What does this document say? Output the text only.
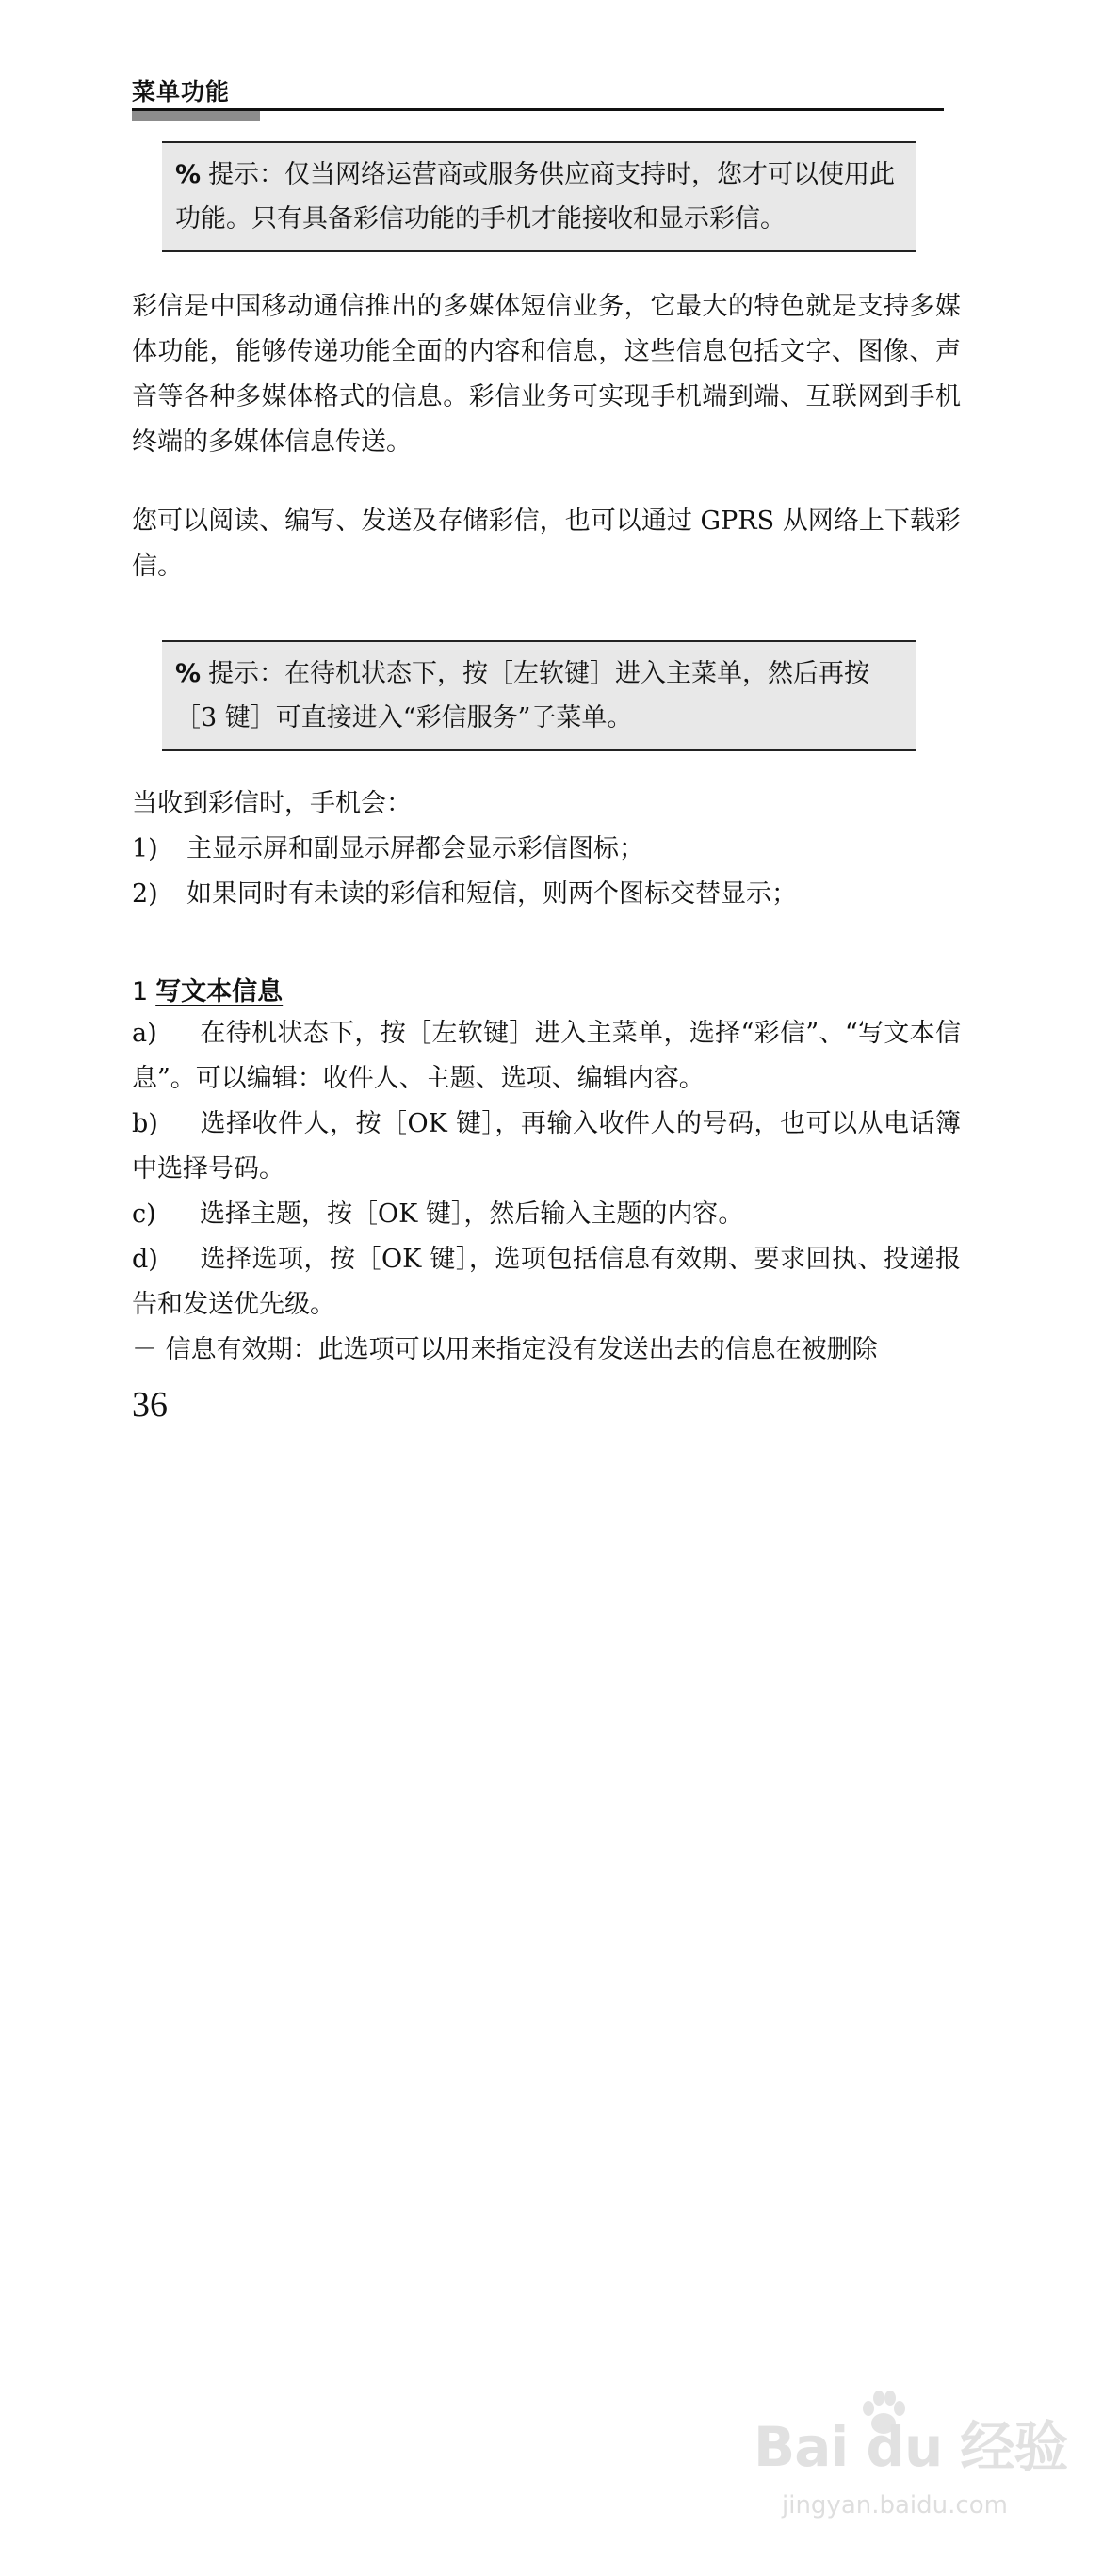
菜单功能
% 提示：仅当网络运营商或服务供应商支持时，您才可以使用此功能。只有具备彩信功能的手机才能接收和显示彩信。

彩信是中国移动通信推出的多媒体短信业务，它最大的特色就是支持多媒体功能，能够传递功能全面的内容和信息，这些信息包括文字、图像、声音等各种多媒体格式的信息。彩信业务可实现手机端到端、互联网到手机终端的多媒体信息传送。

您可以阅读、编写、发送及存储彩信，也可以通过 GPRS 从网络上下载彩信。

% 提示：在待机状态下，按［左软键］进入主菜单，然后再按［3 键］可直接进入“彩信服务”子菜单。
当收到彩信时，手机会：
1) 主显示屏和副显示屏都会显示彩信图标；
2) 如果同时有未读的彩信和短信，则两个图标交替显示；
1 写文本信息
a) 在待机状态下，按［左软键］进入主菜单，选择“彩信”、“写文本信息”。可以编辑：收件人、主题、选项、编辑内容。
b) 选择收件人，按［OK 键］，再输入收件人的号码，也可以从电话簿中选择号码。
c) 选择主题，按［OK 键］，然后输入主题的内容。
d) 选择选项，按［OK 键］，选项包括信息有效期、要求回执、投递报告和发送优先级。
－ 信息有效期：此选项可以用来指定没有发送出去的信息在被删除
36
Bai du 经验
jingyan.baidu.com
